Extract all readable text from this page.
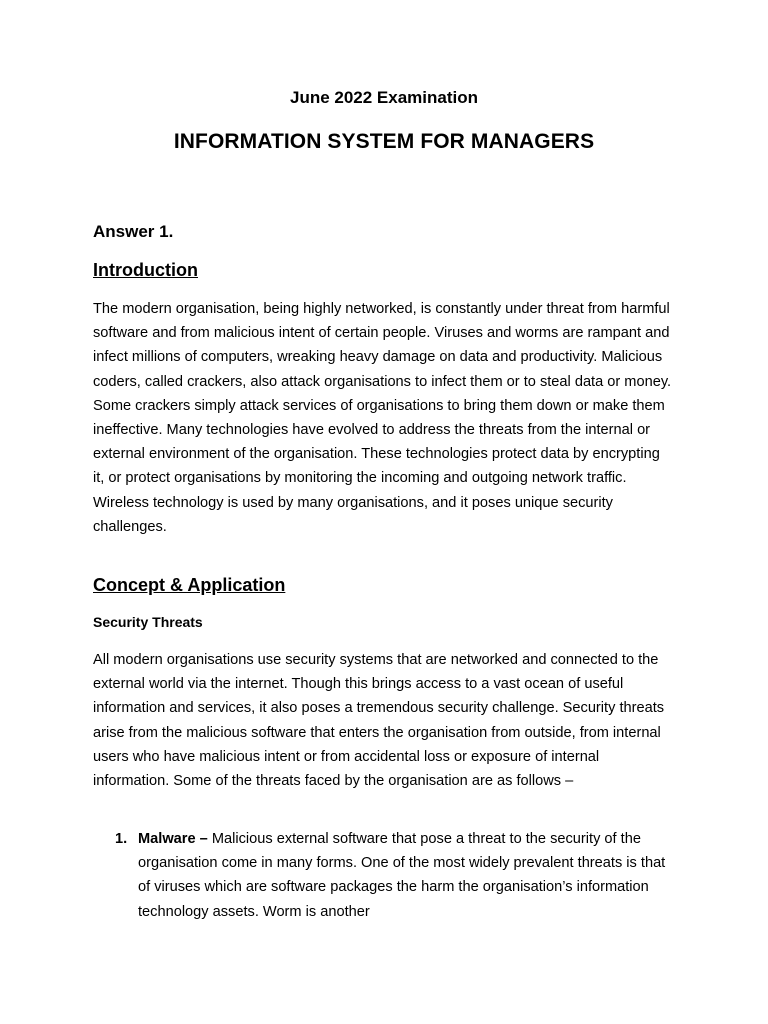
June 2022 Examination

INFORMATION SYSTEM FOR MANAGERS

Answer 1.

Introduction

The modern organisation, being highly networked, is constantly under threat from harmful software and from malicious intent of certain people. Viruses and worms are rampant and infect millions of computers, wreaking heavy damage on data and productivity. Malicious coders, called crackers, also attack organisations to infect them or to steal data or money. Some crackers simply attack services of organisations to bring them down or make them ineffective. Many technologies have evolved to address the threats from the internal or external environment of the organisation. These technologies protect data by encrypting it, or protect organisations by monitoring the incoming and outgoing network traffic. Wireless technology is used by many organisations, and it poses unique security challenges.

Concept & Application
Security Threats

All modern organisations use security systems that are networked and connected to the external world via the internet. Though this brings access to a vast ocean of useful information and services, it also poses a tremendous security challenge. Security threats arise from the malicious software that enters the organisation from outside, from internal users who have malicious intent or from accidental loss or exposure of internal information. Some of the threats faced by the organisation are as follows –

1. Malware – Malicious external software that pose a threat to the security of the organisation come in many forms. One of the most widely prevalent threats is that of viruses which are software packages the harm the organisation’s information technology assets. Worm is another
